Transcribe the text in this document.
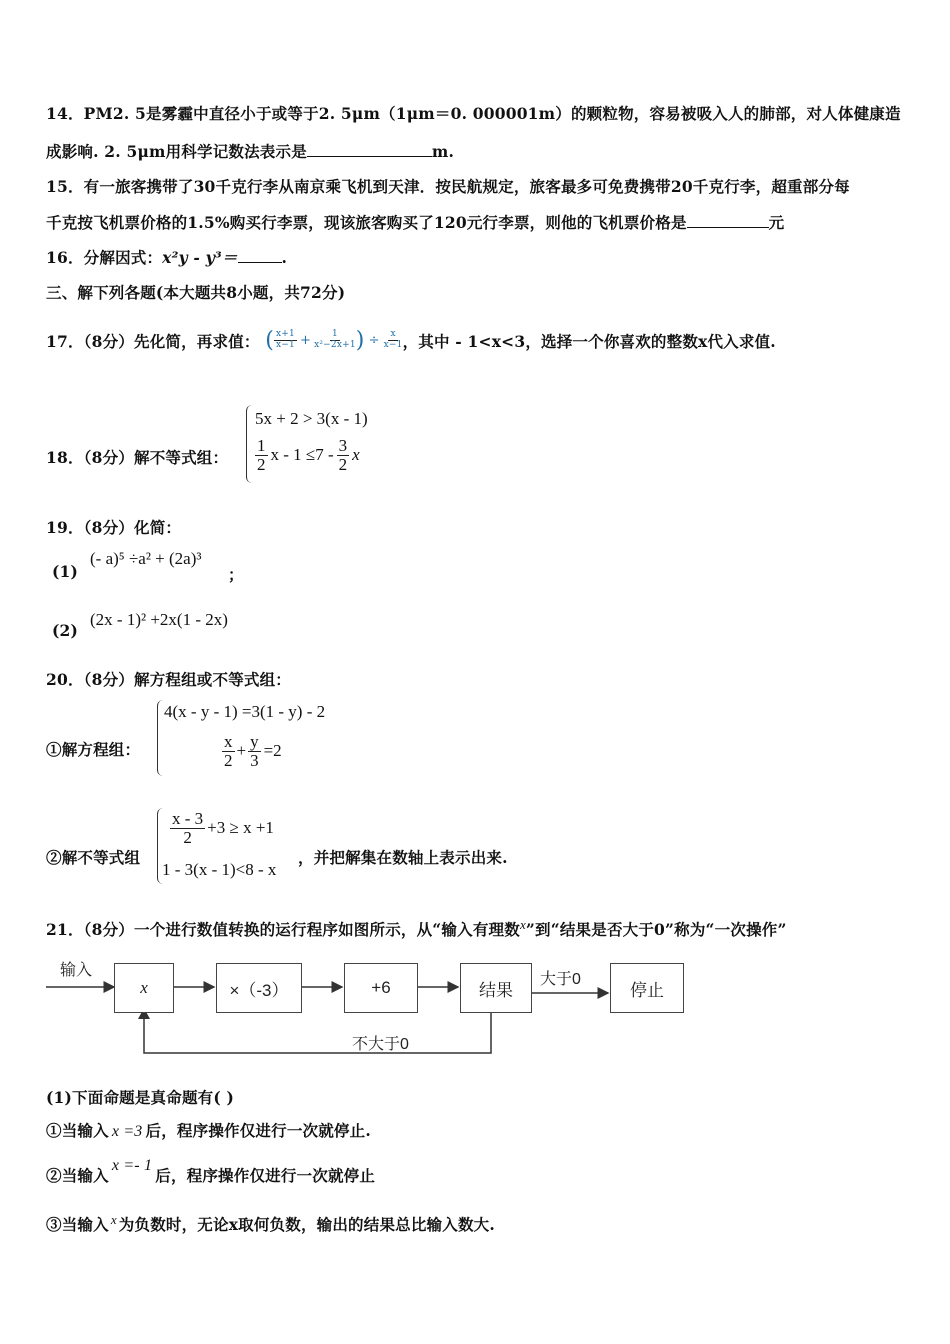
14．PM2. 5是雾霾中直径小于或等于2. 5μm（1μm＝0. 000001m）的颗粒物，容易被吸入人的肺部，对人体健康造
成影响. 2. 5μm用科学记数法表示是	m.
15．有一旅客携带了30千克行李从南京乘飞机到天津．按民航规定，旅客最多可免费携带20千克行李，超重部分每
千克按飞机票价格的1.5%购买行李票，现该旅客购买了120元行李票，则他的飞机票价格是	元
16．分解因式：x²y - y³＝	.
三、解下列各题(本大题共8小题，共72分)
17．（8分）先化简，再求值： ( $\frac{x+1}{x-1} + \frac{1}{\text{x²−2x+1}}$ ) ÷ $\frac{x}{x-1}$ ，其中 - 1<x<3，选择一个你喜欢的整数x代入求值.
18．（8分）解不等式组：
5x + 2 > 3(x - 1)
$\frac{1}{2}$ $x - 1 \le 7 - \frac{3}{2}$ x
19．（8分）化简：
(1)
(- a)⁵ ÷a² + (2a)³
；
(2)
(2x - 1)² +2x(1 - 2x)
20．（8分）解方程组或不等式组：
①解方程组：
4(x - y - 1) =3(1 - y) - 2
$\frac{x}{2} + \frac{y}{3} =2$
②解不等式组
$\frac{x - 3}{2} +3 \ge x +1$
1 - 3(x - 1)<8 - x
，并把解集在数轴上表示出来.
21．（8分）一个进行数值转换的运行程序如图所示，从“输入有理数$^x$”到“结果是否大于0”称为“一次操作”
输入
x	×（-3）	+6	结果
大于0
停止
不大于0
(1)下面命题是真命题有( )
①当输入 x =3 后，程序操作仅进行一次就停止.
②当输入x =- 1后，程序操作仅进行一次就停止
③当输入 $^x$ 为负数时，无论x取何负数，输出的结果总比输入数大.
